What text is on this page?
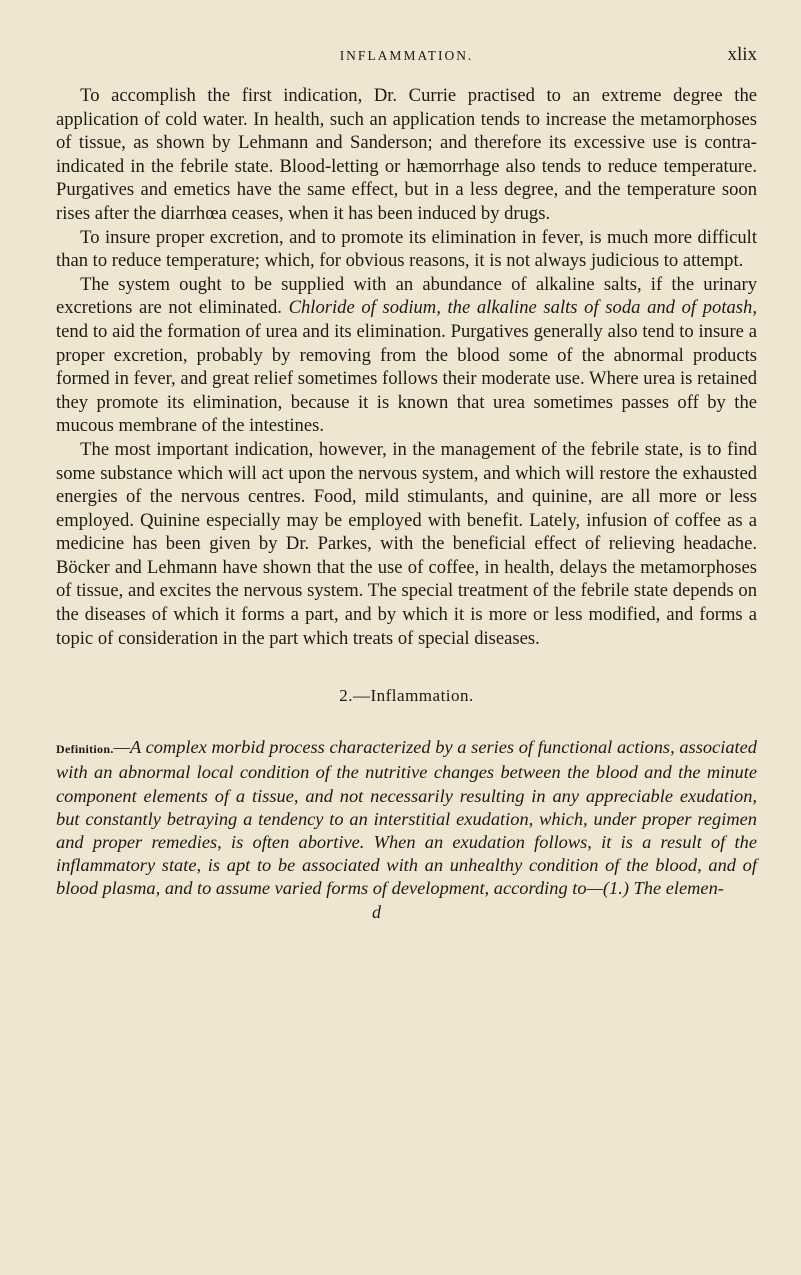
INFLAMMATION.	xlix

To accomplish the first indication, Dr. Currie practised to an extreme degree the application of cold water. In health, such an application tends to increase the metamorphoses of tissue, as shown by Lehmann and Sanderson; and therefore its excessive use is contra-indicated in the febrile state. Blood-letting or hæmorrhage also tends to reduce temperature. Purgatives and emetics have the same effect, but in a less degree, and the temperature soon rises after the diarrhœa ceases, when it has been induced by drugs.

To insure proper excretion, and to promote its elimination in fever, is much more difficult than to reduce temperature; which, for obvious reasons, it is not always judicious to attempt.

The system ought to be supplied with an abundance of alkaline salts, if the urinary excretions are not eliminated. Chloride of sodium, the alkaline salts of soda and of potash, tend to aid the formation of urea and its elimination. Purgatives generally also tend to insure a proper excretion, probably by removing from the blood some of the abnormal products formed in fever, and great relief sometimes follows their moderate use. Where urea is retained they promote its elimination, because it is known that urea sometimes passes off by the mucous membrane of the intestines.

The most important indication, however, in the management of the febrile state, is to find some substance which will act upon the nervous system, and which will restore the exhausted energies of the nervous centres. Food, mild stimulants, and quinine, are all more or less employed. Quinine especially may be employed with benefit. Lately, infusion of coffee as a medicine has been given by Dr. Parkes, with the beneficial effect of relieving headache. Böcker and Lehmann have shown that the use of coffee, in health, delays the metamorphoses of tissue, and excites the nervous system. The special treatment of the febrile state depends on the diseases of which it forms a part, and by which it is more or less modified, and forms a topic of consideration in the part which treats of special diseases.

2.—Inflammation.
Definition.—A complex morbid process characterized by a series of functional actions, associated with an abnormal local condition of the nutritive changes between the blood and the minute component elements of a tissue, and not necessarily resulting in any appreciable exudation, but constantly betraying a tendency to an interstitial exudation, which, under proper regimen and proper remedies, is often abortive. When an exudation follows, it is a result of the inflammatory state, is apt to be associated with an unhealthy condition of the blood, and of blood plasma, and to assume varied forms of development, according to—(1.) The elemen-
d
